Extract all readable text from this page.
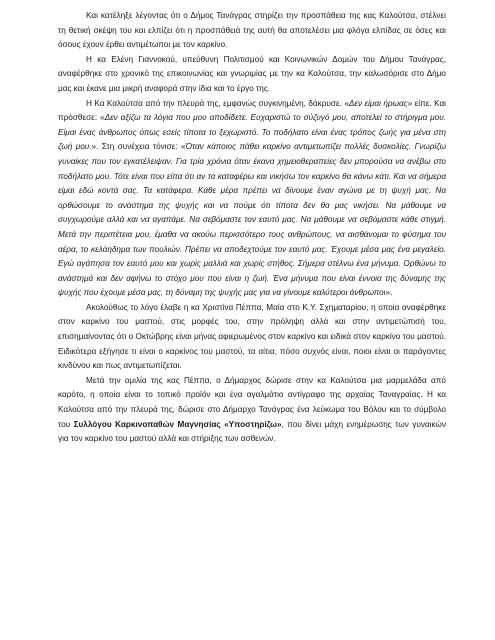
Και κατέληξε λέγοντας ότι ο Δήμος Τανάγρας στηρίζει την προσπάθεια της κας Καλούτσα, στέλνει τη θετική σκέψη του και ελπίζει ότι η προσπάθειά της αυτή θα αποτελέσει μια φλόγα ελπίδας σε όσες και όσους έχουν έρθει αντιμέτωποι με τον καρκίνο.

Η κα Ελένη Γιαννοκού, υπεύθυνη Πολιτισμού και Κοινωνικών Δομών του Δήμου Τανάγρας, αναφέρθηκε στο χρονικό της επικοινωνίας και γνωριμίας με την κα Καλούτσα, την καλωσόρισε στο Δήμο μας και έκανε μια μικρή αναφορά στην ίδια και το έργο της.

Η Κα Καλούτσα από την πλευρά της, εμφανώς συγκινημένη, δάκρυσε. «Δεν είμαι ήρωας» είπε. Και πρόσθεσε: «Δεν αξίζω τα λόγια που μου αποδίδετε. Ευχαριστώ το σύζυγό μου, αποτελεί το στήριγμα μου. Είμαι ένας άνθρωπος όπως εσείς τίποτα το ξεχωριστό. Το ποδήλατο είναι ένας τρόπος ζωής για μένα στη ζωή μου.». Στη συνέχεια τόνισε: «Όταν κάποιος πάθει καρκίνο αντιμετωπίζει πολλές δυσκολίες. Γνωρίζω γυναίκες που τον εγκατέλειψαν. Για τρία χρόνια όταν έκανα χημειοθεραπείες δεν μπορούσα να ανέβω στο ποδήλατο μου. Τότε είναι που είπα ότι αν τα καταφέρω και νικήσω τον καρκίνο θα κάνω κάτι. Και να σήμερα είμαι εδώ κοντά σας. Τα κατάφερα. Κάθε μέρα πρέπει να δίνουμε έναν αγώνα με τη ψυχή μας. Να ορθώσουμε το ανάστημα της ψυχής και να πούμε ότι τίποτα δεν θα μας νικήσει. Να μάθουμε να συγχωρούμε αλλά και να αγαπάμε. Να σεβόμαστε τον εαυτό μας. Να μάθουμε να σεβόμαστε κάθε στιγμή. Μετά την περιπέτεια μου, έμαθα να ακούω περισσότερο τους ανθρώπους, να αισθάνομαι το φύσημα του αέρα, το κελάηδημα των πουλιών. Πρέπει να αποδεχτούμε τον εαυτό μας. Έχουμε μέσα μας ένα μεγαλείο. Εγώ αγάπησα τον εαυτό μου και χωρίς μαλλιά και χωρίς στήθος. Σήμερα στέλνω ένα μήνυμα. Ορθώνω το ανάστημά και δεν αφήνω το στόχο μου που είναι η ζωή. Ένα μήνυμα που είναι έννοια της δύναμης της ψυχής που έχουμε μέσα μας, τη δύναμη της ψυχής μας για να γίνουμε καλύτεροι άνθρωποι».

Ακολούθως το λόγο έλαβε η κα Χριστίνα Πέππα, Μαία στο Κ.Υ. Σχηματαρίου, η οποία αναφέρθηκε στον καρκίνο του μαστού, στις μορφές του, στην πρόληψη αλλά και στην αντιμετώπισή του, επισημαίνοντας ότι ο Οκτώβρης είναι μήνας αφιερωμένος στον καρκίνο και ειδικά στον καρκίνο του μαστού. Ειδικότερα εξήγησε τι είναι ο καρκίνος του μαστού, τα αίτια, πόσο συχνός είναι, ποιοι είναι οι παράγοντες κινδύνου και πως αντιμετωπίζεται.

Μετά την ομιλία της κας Πέππα, ο Δήμαρχος δώρισε στην κα Καλούτσα μια μαρμελάδα από καρότο, η οποία είναι το τοπικό προϊόν και ένα αγαλμάτιο αντίγραφο της αρχαίας Ταναγραίας. Η κα Καλούτσα από την πλευρά της, δώρισε στο Δήμαρχο Τανάγρας ένα λεύκωμα του Βόλου και το σύμβολο του Συλλόγου Καρκινοπαθών Μαγνησίας «Υποστηρίζω», που δίνει μάχη ενημέρωσης των γυναικών για τον καρκίνο του μαστού αλλά και στήριξης των ασθενών.
